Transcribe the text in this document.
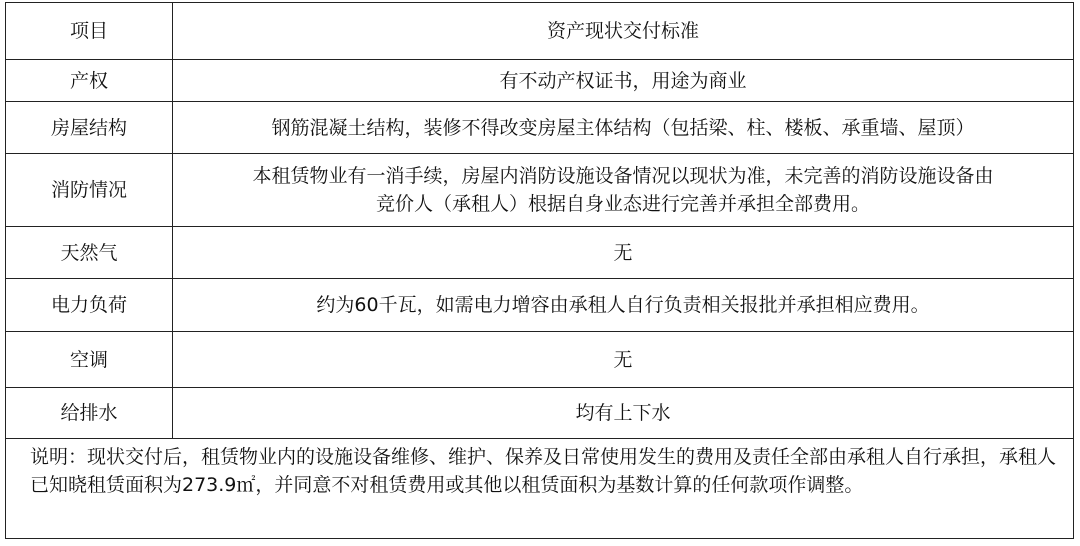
项目	资产现状交付标准
产权	有不动产权证书，用途为商业
房屋结构	钢筋混凝土结构，装修不得改变房屋主体结构（包括梁、柱、楼板、承重墙、屋顶）
消防情况	本租赁物业有一消手续，房屋内消防设施设备情况以现状为准，未完善的消防设施设备由
竞价人（承租人）根据自身业态进行完善并承担全部费用。

天然气	无
电力负荷	约为60千瓦，如需电力增容由承租人自行负责相关报批并承担相应费用。
空调	无
给排水	均有上下水

说明：现状交付后，租赁物业内的设施设备维修、维护、保养及日常使用发生的费用及责任全部由承租人自行承担，承租人已知晓租赁面积为273.9㎡，并同意不对租赁费用或其他以租赁面积为基数计算的任何款项作调整。	
